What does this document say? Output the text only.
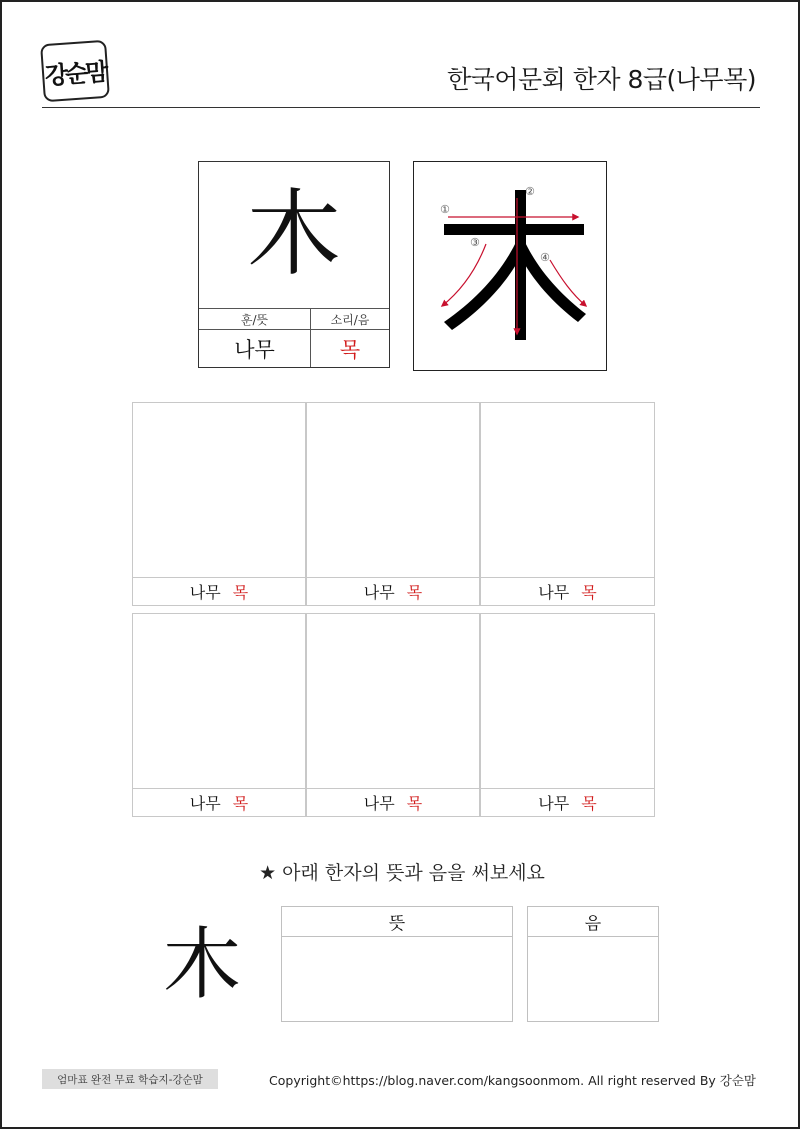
강순맘	한국어문회 한자 8급(나무목)
木
훈/뜻	소리/음
나무	목
①
②
③
④
나무 목	나무 목	나무 목
나무 목	나무 목	나무 목
★ 아래 한자의 뜻과 음을 써보세요
木	뜻	음
엄마표 완전 무료 학습지-강순맘	Copyright©https://blog.naver.com/kangsoonmom. All right reserved By 강순맘
